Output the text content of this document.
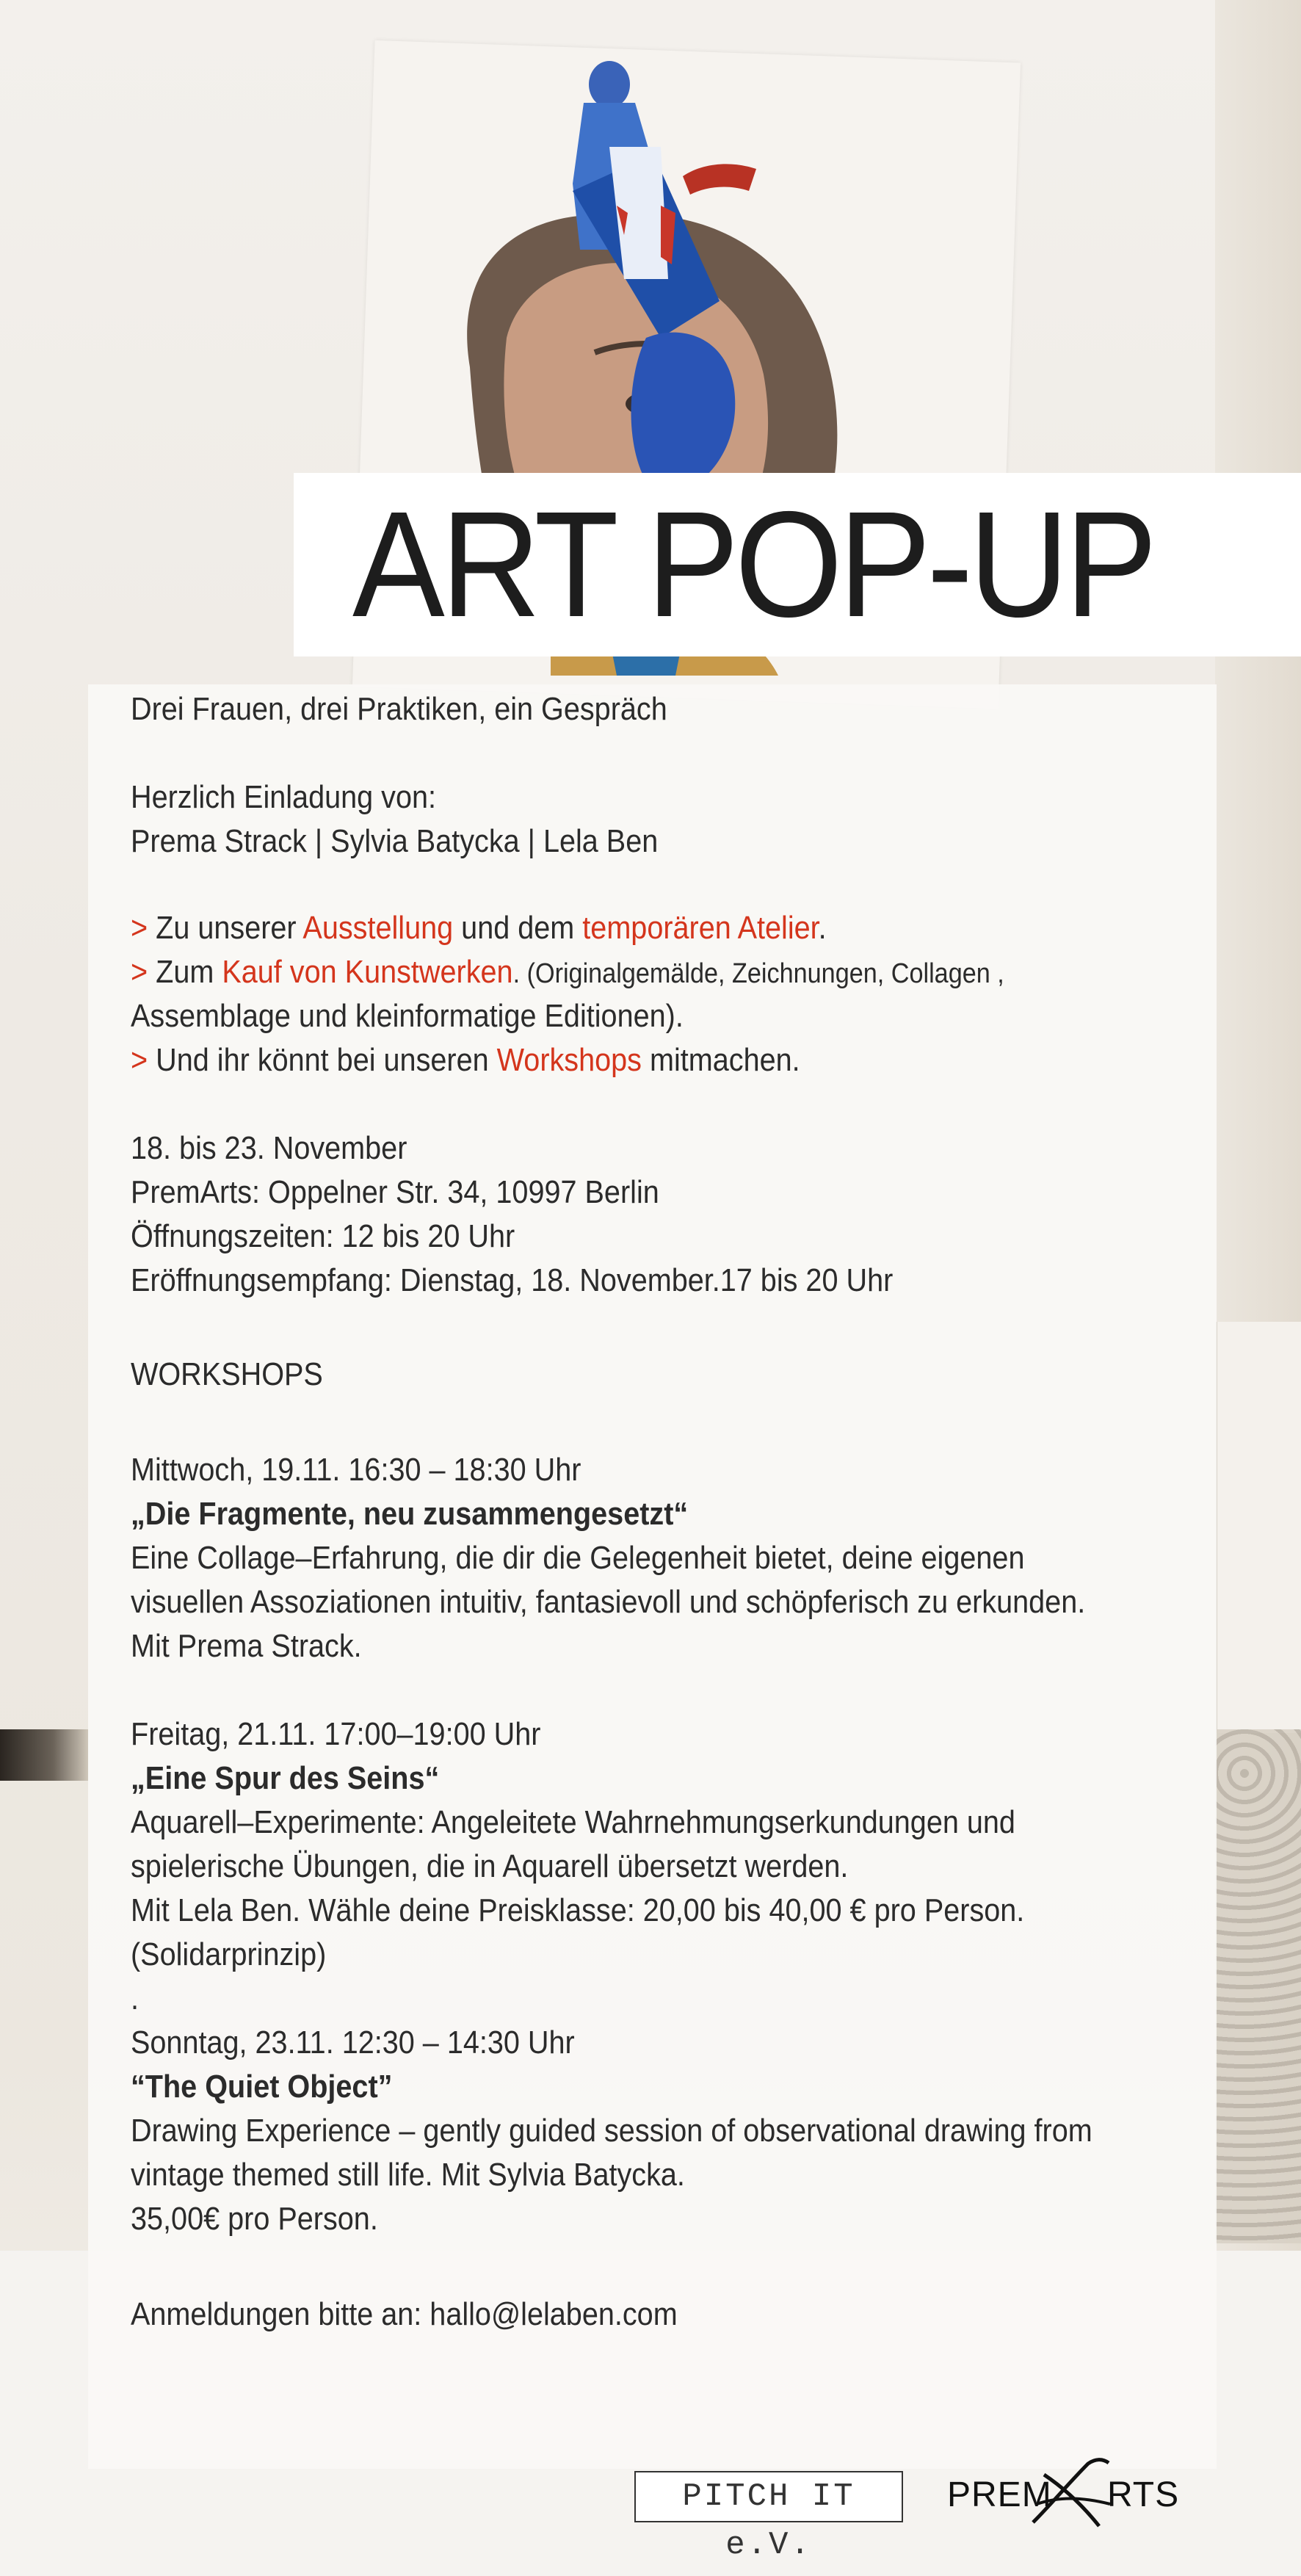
ART POP-UP
Drei Frauen, drei Praktiken, ein Gespräch
Herzlich Einladung von:
Prema Strack | Sylvia Batycka | Lela Ben
> Zu unserer Ausstellung und dem temporären Atelier.
> Zum Kauf von Kunstwerken. (Originalgemälde, Zeichnungen, Collagen ,
Assemblage und kleinformatige Editionen).
> Und ihr könnt bei unseren Workshops mitmachen.
18. bis 23. November
PremArts: Oppelner Str. 34, 10997 Berlin
Öffnungszeiten: 12 bis 20 Uhr
Eröffnungsempfang: Dienstag, 18. November.17 bis 20 Uhr
WORKSHOPS
Mittwoch, 19.11. 16:30 – 18:30 Uhr
„Die Fragmente, neu zusammengesetzt“
Eine Collage–Erfahrung, die dir die Gelegenheit bietet, deine eigenen
visuellen Assoziationen intuitiv, fantasievoll und schöpferisch zu erkunden.
Mit Prema Strack.
Freitag, 21.11. 17:00–19:00 Uhr
„Eine Spur des Seins“
Aquarell–Experimente: Angeleitete Wahrnehmungserkundungen und
spielerische Übungen, die in Aquarell übersetzt werden.
Mit Lela Ben. Wähle deine Preisklasse: 20,00 bis 40,00 € pro Person.
(Solidarprinzip)
.
Sonntag, 23.11. 12:30 – 14:30 Uhr
“The Quiet Object”
Drawing Experience – gently guided session of observational drawing from
vintage themed still life. Mit Sylvia Batycka.
35,00€ pro Person.
Anmeldungen bitte an: hallo@lelaben.com
PITCH IT e.V.
PREM RTS
